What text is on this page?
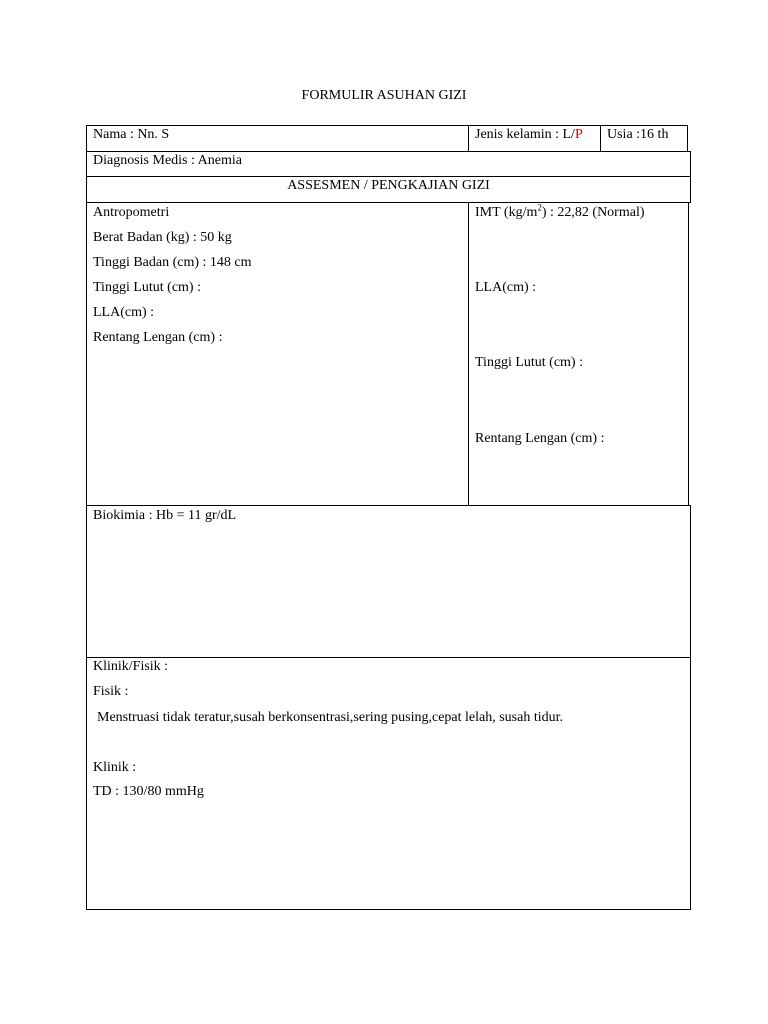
FORMULIR ASUHAN GIZI
Nama : Nn. S	Jenis kelamin : L/P Usia :16 th
Diagnosis Medis : Anemia
ASSESMEN / PENGKAJIAN GIZI
Antropometri
Berat Badan (kg) : 50 kg
Tinggi Badan (cm) : 148 cm
Tinggi Lutut (cm) :
LLA(cm) :
Rentang Lengan (cm) :
IMT $(kg/m^2)$ : 22,82 (Normal)
LLA(cm) :
Tinggi Lutut (cm) :
Rentang Lengan (cm) :
Biokimia : Hb = 11 gr/dL
Klinik/Fisik :
Fisik :
Menstruasi tidak teratur,susah berkonsentrasi,sering pusing,cepat lelah, susah tidur.
Klinik :
TD : 130/80 mmHg
